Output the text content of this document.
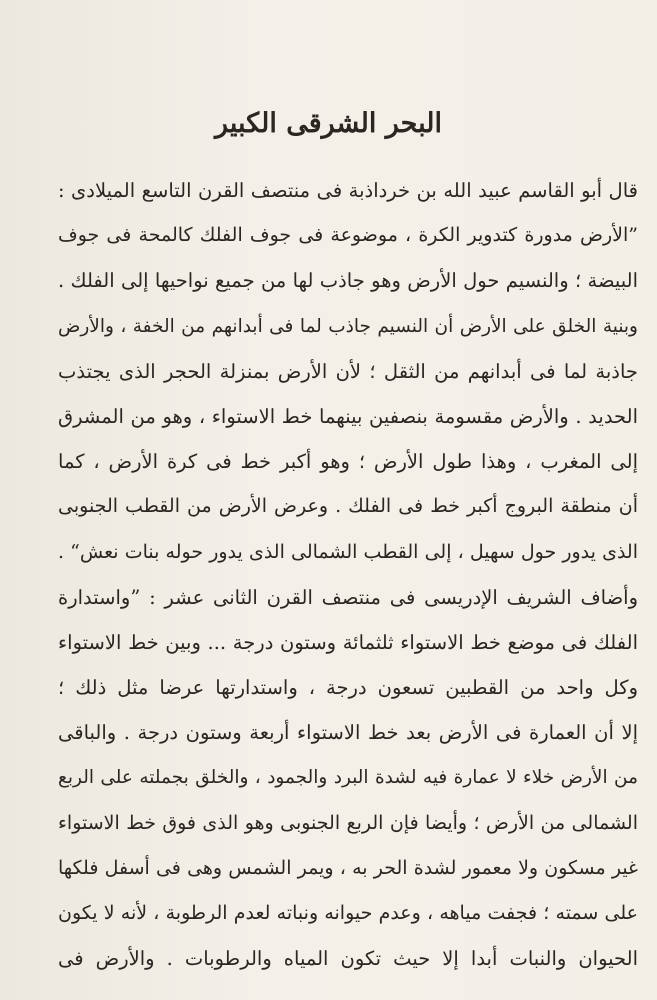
البحر الشرقى الكبير
قال أبو القاسم عبيد الله بن خرداذبة فى منتصف القرن التاسع الميلادى :
”الأرض مدورة كتدوير الكرة ، موضوعة فى جوف الفلك كالمحة فى جوف
البيضة ؛ والنسيم حول الأرض وهو جاذب لها من جميع نواحيها إلى الفلك .
وبنية الخلق على الأرض أن النسيم جاذب لما فى أبدانهم من الخفة ، والأرض
جاذبة لما فى أبدانهم من الثقل ؛ لأن الأرض بمنزلة الحجر الذى يجتذب
الحديد . والأرض مقسومة بنصفين بينهما خط الاستواء ، وهو من المشرق
إلى المغرب ، وهذا طول الأرض ؛ وهو أكبر خط فى كرة الأرض ، كما
أن منطقة البروج أكبر خط فى الفلك . وعرض الأرض من القطب الجنوبى
الذى يدور حول سهيل ، إلى القطب الشمالى الذى يدور حوله بنات نعش“ .
وأضاف الشريف الإدريسى فى منتصف القرن الثانى عشر : ”واستدارة
الفلك فى موضع خط الاستواء ثلثمائة وستون درجة ... وبين خط الاستواء
وكل واحد من القطبين تسعون درجة ، واستدارتها عرضا مثل ذلك ؛
إلا أن العمارة فى الأرض بعد خط الاستواء أربعة وستون درجة . والباقى
من الأرض خلاء لا عمارة فيه لشدة البرد والجمود ، والخلق بجملته على الربع
الشمالى من الأرض ؛ وأيضا فإن الربع الجنوبى وهو الذى فوق خط الاستواء
غير مسكون ولا معمور لشدة الحر به ، ويمر الشمس وهى فى أسفل فلكها
على سمته ؛ فجفت مياهه ، وعدم حيوانه ونباته لعدم الرطوبة ، لأنه لا يكون
الحيوان والنبات أبدا إلا حيث تكون المياه والرطوبات . والأرض فى
